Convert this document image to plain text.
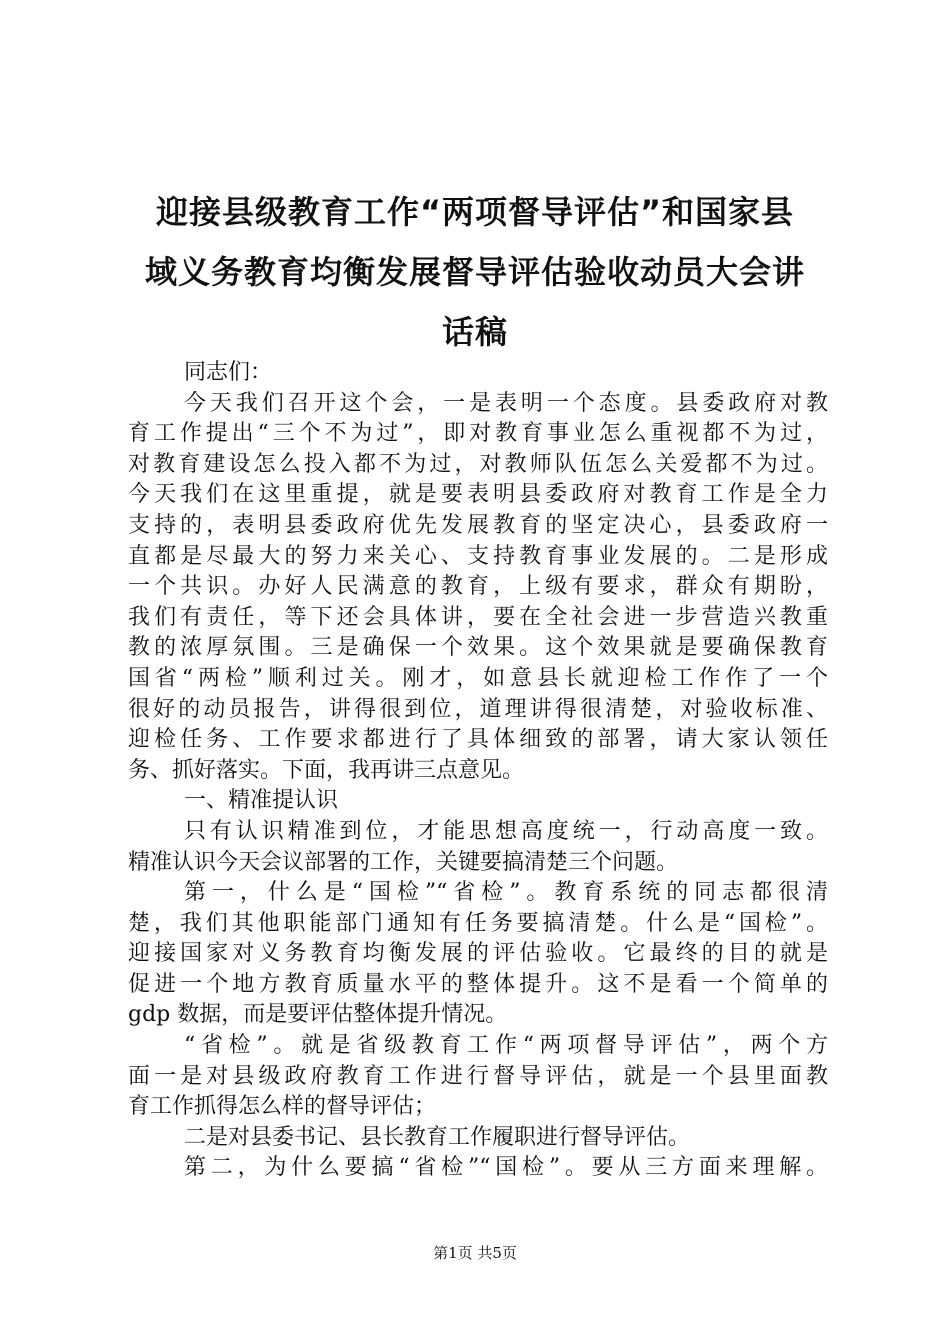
迎接县级教育工作“两项督导评估”和国家县
域义务教育均衡发展督导评估验收动员大会讲
话稿
同志们：
今天我们召开这个会，一是表明一个态度。县委政府对教
育工作提出“三个不为过”，即对教育事业怎么重视都不为过，
对教育建设怎么投入都不为过，对教师队伍怎么关爱都不为过。
今天我们在这里重提，就是要表明县委政府对教育工作是全力
支持的，表明县委政府优先发展教育的坚定决心，县委政府一
直都是尽最大的努力来关心、支持教育事业发展的。二是形成
一个共识。办好人民满意的教育，上级有要求，群众有期盼，
我们有责任，等下还会具体讲，要在全社会进一步营造兴教重
教的浓厚氛围。三是确保一个效果。这个效果就是要确保教育
国省“两检”顺利过关。刚才，如意县长就迎检工作作了一个
很好的动员报告，讲得很到位，道理讲得很清楚，对验收标准、
迎检任务、工作要求都进行了具体细致的部署，请大家认领任
务、抓好落实。下面，我再讲三点意见。
一、精准提认识
只有认识精准到位，才能思想高度统一，行动高度一致。
精准认识今天会议部署的工作，关键要搞清楚三个问题。
第一，什么是“国检”“省检”。教育系统的同志都很清
楚，我们其他职能部门通知有任务要搞清楚。什么是“国检”。
迎接国家对义务教育均衡发展的评估验收。它最终的目的就是
促进一个地方教育质量水平的整体提升。这不是看一个简单的
gdp 数据，而是要评估整体提升情况。
“省检”。就是省级教育工作“两项督导评估”，两个方
面一是对县级政府教育工作进行督导评估，就是一个县里面教
育工作抓得怎么样的督导评估；
二是对县委书记、县长教育工作履职进行督导评估。
第二，为什么要搞“省检”“国检”。要从三方面来理解。
第1页 共5页
